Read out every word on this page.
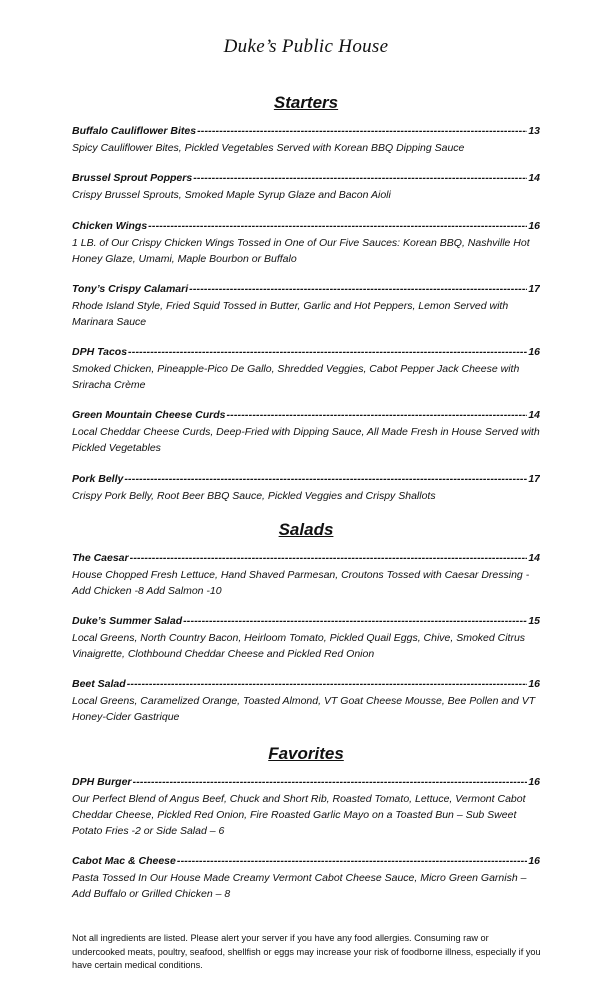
Duke’s Public House
Starters
Buffalo Cauliflower Bites -----	13
Spicy Cauliflower Bites, Pickled Vegetables Served with Korean BBQ Dipping Sauce
Brussel Sprout Poppers -----	14
Crispy Brussel Sprouts, Smoked Maple Syrup Glaze and Bacon Aioli
Chicken Wings -----	16
1 LB. of Our Crispy Chicken Wings Tossed in One of Our Five Sauces: Korean BBQ, Nashville Hot Honey Glaze, Umami, Maple Bourbon or Buffalo
Tony’s Crispy Calamari -----	17
Rhode Island Style, Fried Squid Tossed in Butter, Garlic and Hot Peppers, Lemon Served with Marinara Sauce
DPH Tacos -----	16
Smoked Chicken, Pineapple-Pico De Gallo, Shredded Veggies, Cabot Pepper Jack Cheese with Sriracha Crème
Green Mountain Cheese Curds -----	14
Local Cheddar Cheese Curds, Deep-Fried with Dipping Sauce, All Made Fresh in House Served with Pickled Vegetables
Pork Belly -----	17
Crispy Pork Belly, Root Beer BBQ Sauce, Pickled Veggies and Crispy Shallots
Salads
The Caesar -----	14
House Chopped Fresh Lettuce, Hand Shaved Parmesan, Croutons Tossed with Caesar Dressing -Add Chicken -8 Add Salmon -10
Duke’s Summer Salad -----	15
Local Greens, North Country Bacon, Heirloom Tomato, Pickled Quail Eggs, Chive, Smoked Citrus Vinaigrette, Clothbound Cheddar Cheese and Pickled Red Onion
Beet Salad -----	16
Local Greens, Caramelized Orange, Toasted Almond, VT Goat Cheese Mousse, Bee Pollen and VT Honey-Cider Gastrique
Favorites
DPH Burger -----	16
Our Perfect Blend of Angus Beef, Chuck and Short Rib, Roasted Tomato, Lettuce, Vermont Cabot Cheddar Cheese, Pickled Red Onion, Fire Roasted Garlic Mayo on a Toasted Bun – Sub Sweet Potato Fries -2 or Side Salad – 6
Cabot Mac & Cheese -----	16
Pasta Tossed In Our House Made Creamy Vermont Cabot Cheese Sauce, Micro Green Garnish – Add Buffalo or Grilled Chicken – 8
Not all ingredients are listed. Please alert your server if you have any food allergies. Consuming raw or undercooked meats, poultry, seafood, shellfish or eggs may increase your risk of foodborne illness, especially if you have certain medical conditions.
